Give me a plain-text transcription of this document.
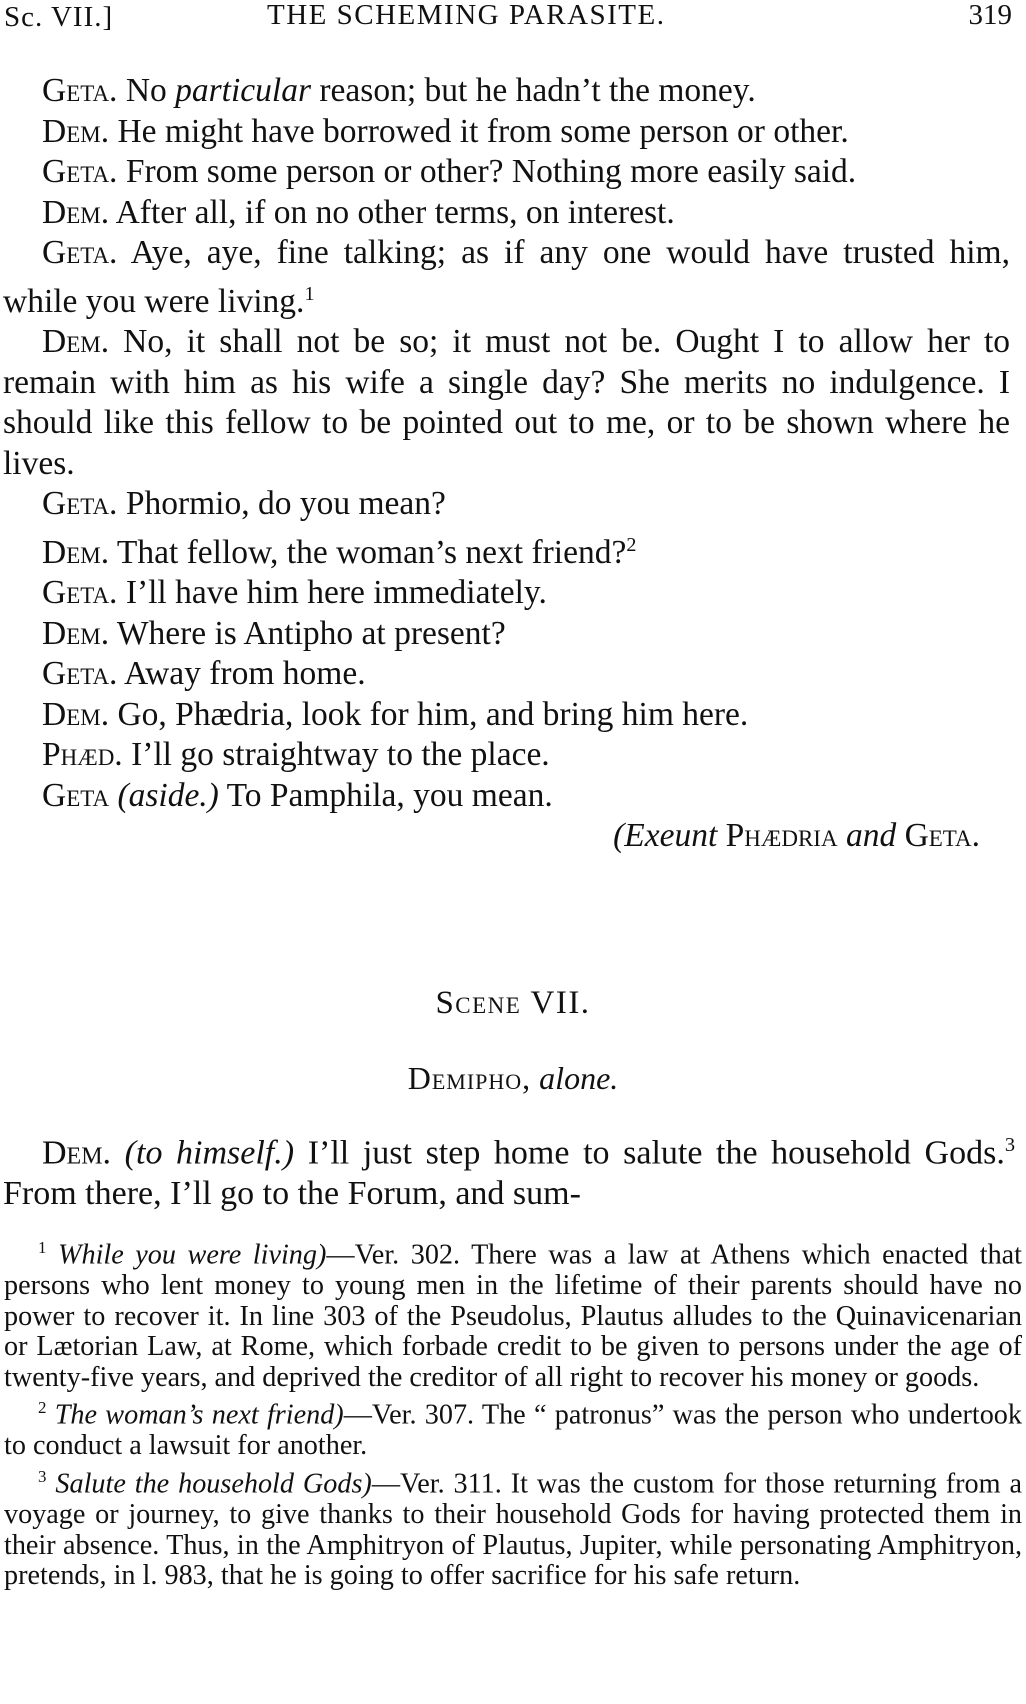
Sc. VII.]	THE SCHEMING PARASITE.	319

Geta. No particular reason; but he hadn’t the money.

Dem. He might have borrowed it from some person or other.

Geta. From some person or other? Nothing more easily said.

Dem. After all, if on no other terms, on interest.

Geta. Aye, aye, fine talking; as if any one would have trusted him, while you were living.$^1$

Dem. No, it shall not be so; it must not be. Ought I to allow her to remain with him as his wife a single day? She merits no indulgence. I should like this fellow to be pointed out to me, or to be shown where he lives.

Geta. Phormio, do you mean?

Dem. That fellow, the woman’s next friend?$^2$

Geta. I’ll have him here immediately.

Dem. Where is Antipho at present?

Geta. Away from home.

Dem. Go, Phædria, look for him, and bring him here.

Phæd. I’ll go straightway to the place.

Geta (aside.) To Pamphila, you mean.

(Exeunt Phædria and Geta.

Scene VII.
Demipho, alone.

Dem. (to himself.) I’ll just step home to salute the household Gods.$^3$ From there, I’ll go to the Forum, and sum-

$^1$ While you were living)—Ver. 302. There was a law at Athens which enacted that persons who lent money to young men in the lifetime of their parents should have no power to recover it. In line 303 of the Pseudolus, Plautus alludes to the Quinavicenarian or Lætorian Law, at Rome, which forbade credit to be given to persons under the age of twenty-five years, and deprived the creditor of all right to recover his money or goods.

$^2$ The woman’s next friend)—Ver. 307. The “ patronus” was the person who undertook to conduct a lawsuit for another.

$^3$ Salute the household Gods)—Ver. 311. It was the custom for those returning from a voyage or journey, to give thanks to their household Gods for having protected them in their absence. Thus, in the Amphitryon of Plautus, Jupiter, while personating Amphitryon, pretends, in l. 983, that he is going to offer sacrifice for his safe return.
